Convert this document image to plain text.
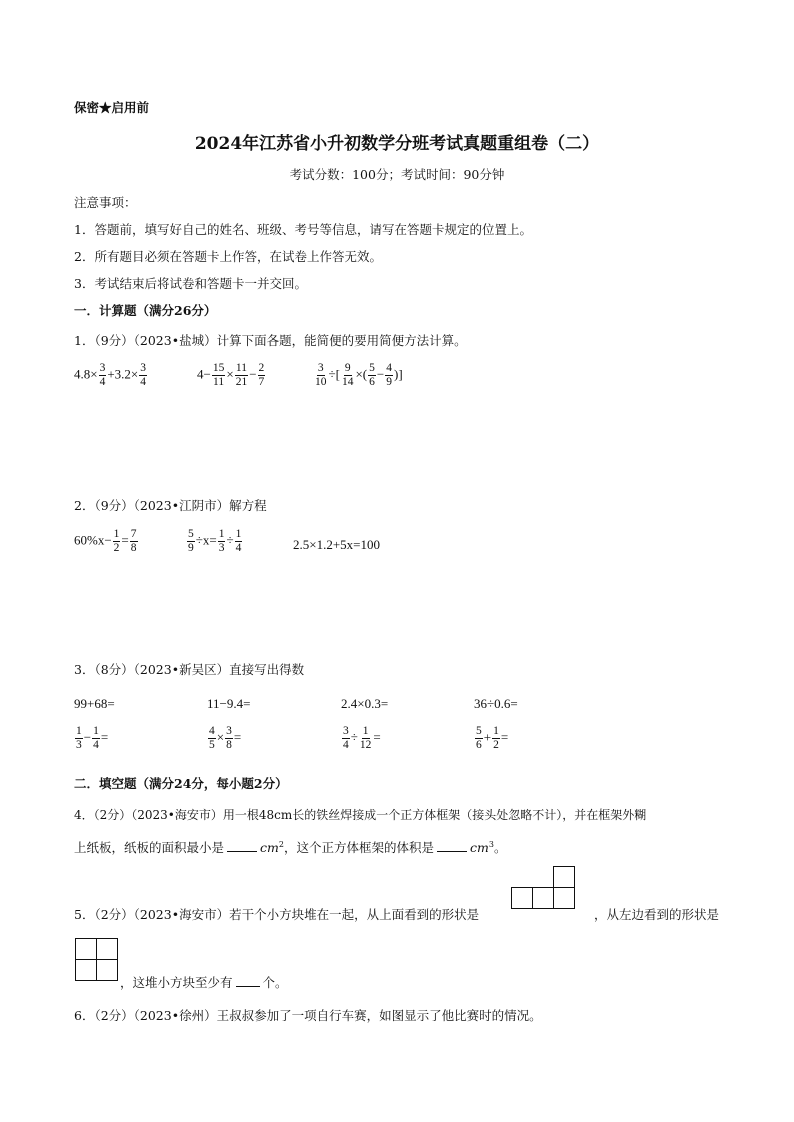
保密★启用前
2024年江苏省小升初数学分班考试真题重组卷（二）
考试分数：100分；考试时间：90分钟
注意事项：
1．答题前，填写好自己的姓名、班级、考号等信息，请写在答题卡规定的位置上。
2．所有题目必须在答题卡上作答，在试卷上作答无效。
3．考试结束后将试卷和答题卡一并交回。
一．计算题（满分26分）
1．（9分）（2023•盐城）计算下面各题，能简便的要用简便方法计算。
$4.8\times \frac{3}{4} +3.2\times \frac{3}{4}$	$4- \frac{15}{11} \times \frac{11}{21} - \frac{2}{7}$	$\frac{3}{10}$ ÷[ $\frac{9}{14}$ ×( $\frac{5}{6} - \frac{4}{9}$ )]
2．（9分）（2023•江阴市）解方程
$60\%x- \frac{1}{2} = \frac{7}{8}$	$\frac{5}{9} \div x= \frac{1}{3} \div \frac{1}{4}$	2.5×1.2+5x=100
3．（8分）（2023•新吴区）直接写出得数
99+68=	11−9.4=	2.4×0.3=	36÷0.6=
$\frac{1}{3} - \frac{1}{4}$ =	$\frac{4}{5} \times \frac{3}{8}$ =	$\frac{3}{4} \div \frac{1}{12}$ =	$\frac{5}{6} + \frac{1}{2}$ =
二．填空题（满分24分，每小题2分）
4．（2分）（2023•海安市）用一根48cm长的铁丝焊接成一个正方体框架（接头处忽略不计），并在框架外糊
上纸板，纸板的面积最小是	$cm^2$，这个正方体框架的体积是	$cm^3$。
5．（2分）（2023•海安市）若干个小方块堆在一起，从上面看到的形状是

			，从左边看到的形状是

，这堆小方块至少有 个。
6．（2分）（2023•徐州）王叔叔参加了一项自行车赛，如图显示了他比赛时的情况。
